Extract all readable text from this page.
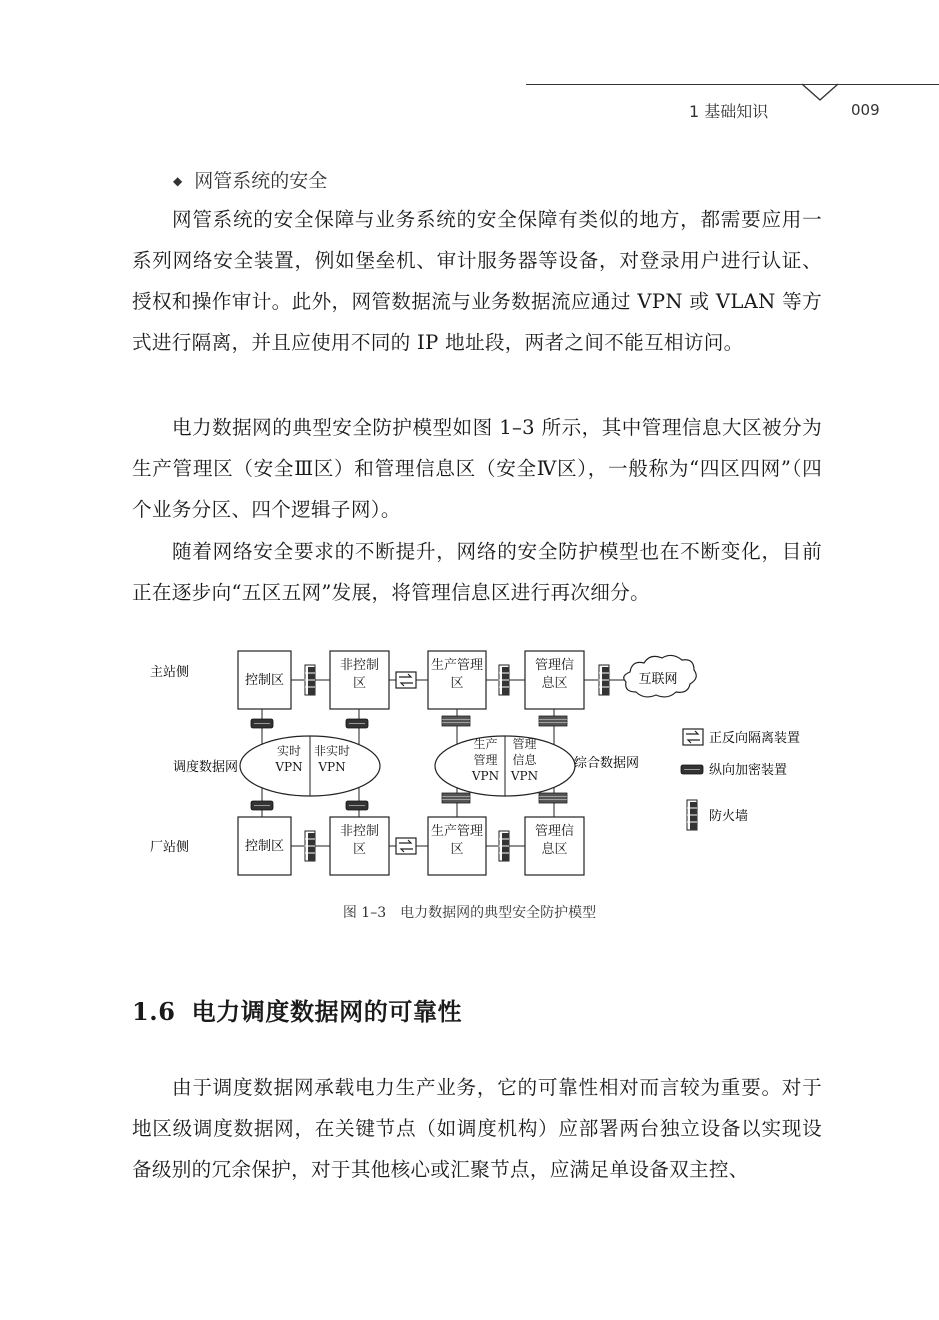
1 基础知识	009
◆ 网管系统的安全

网管系统的安全保障与业务系统的安全保障有类似的地方，都需要应用一系列网络安全装置，例如堡垒机、审计服务器等设备，对登录用户进行认证、授权和操作审计。此外，网管数据流与业务数据流应通过 VPN 或 VLAN 等方式进行隔离，并且应使用不同的 IP 地址段，两者之间不能互相访问。

电力数据网的典型安全防护模型如图 1–3 所示，其中管理信息大区被分为生产管理区（安全Ⅲ区）和管理信息区（安全Ⅳ区），一般称为“四区四网”（四个业务分区、四个逻辑子网）。

随着网络安全要求的不断提升，网络的安全防护模型也在不断变化，目前正在逐步向“五区五网”发展，将管理信息区进行再次细分。

主站侧
调度数据网
厂站侧
控制区
非控制区
生产管理区
管理信息区	互联网
控制区
非控制区
生产管理区
管理信息区
实时VPN
非实时VPN
生产管理VPN
管理信息VPN
综合数据网
正反向隔离装置
纵向加密装置
防火墙
图 1–3 电力数据网的典型安全防护模型
1.6 电力调度数据网的可靠性

由于调度数据网承载电力生产业务，它的可靠性相对而言较为重要。对于地区级调度数据网，在关键节点（如调度机构）应部署两台独立设备以实现设备级别的冗余保护，对于其他核心或汇聚节点，应满足单设备双主控、
